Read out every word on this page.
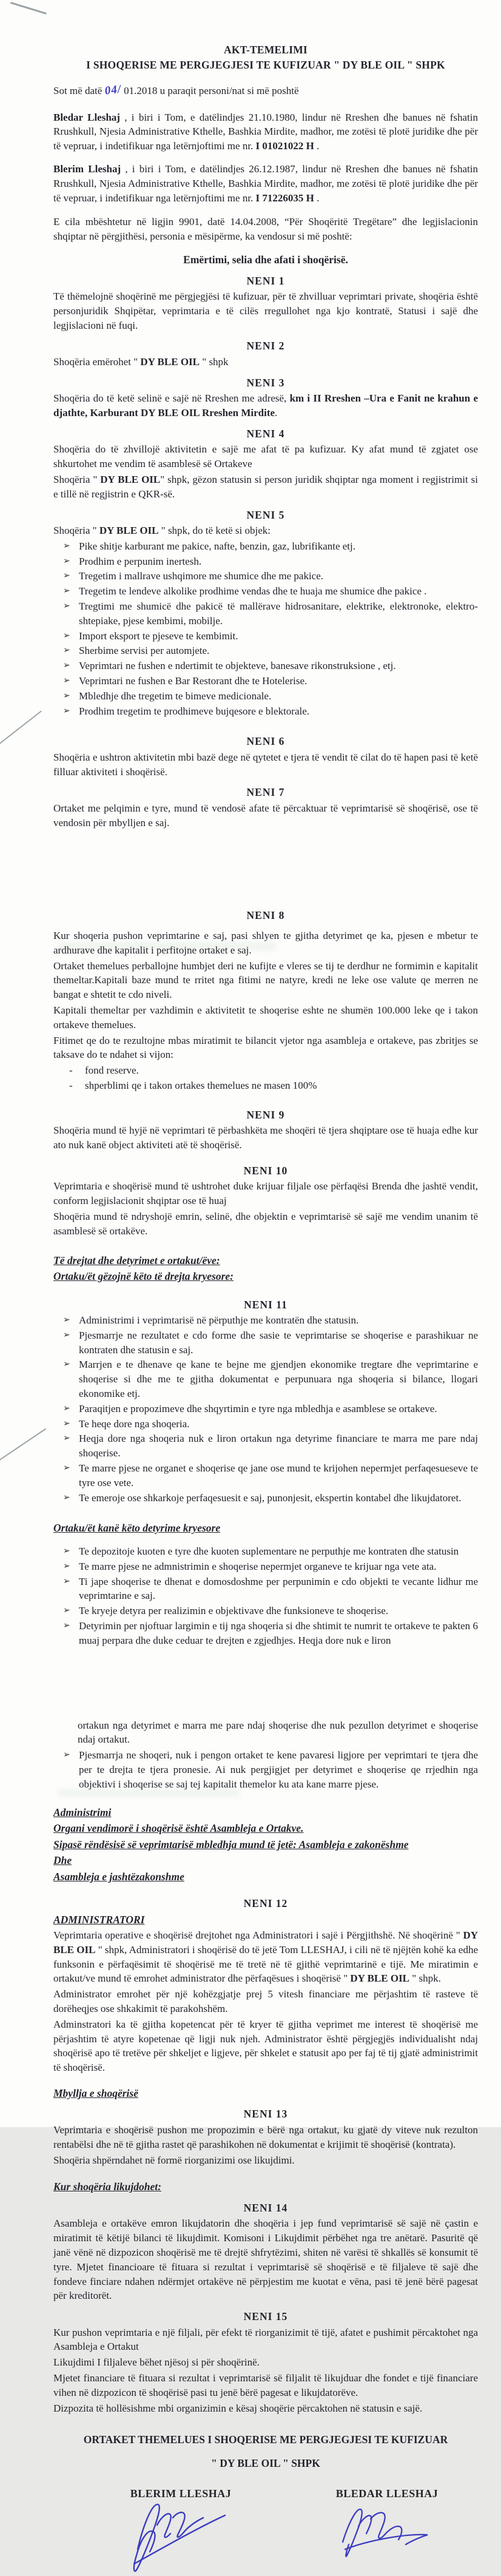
AKT-TEMELIMI
I SHOQERISE ME PERGJEGJESI TE KUFIZUAR " DY BLE OIL " SHPK

Sot më datë 04/ 01.2018 u paraqit personi/nat si më poshtë

Bledar Lleshaj , i biri i Tom, e datëlindjes 21.10.1980, lindur në Rreshen dhe banues në fshatin Rrushkull, Njesia Administrative Kthelle, Bashkia Mirdite, madhor, me zotësi të plotë juridike dhe për të vepruar, i indetifikuar nga letërnjoftimi me nr. I 01021022 H .

Blerim Lleshaj , i biri i Tom, e datëlindjes 26.12.1987, lindur në Rreshen dhe banues në fshatin Rrushkull, Njesia Administrative Kthelle, Bashkia Mirdite, madhor, me zotësi të plotë juridike dhe për të vepruar, i indetifikuar nga letërnjoftimi me nr. I 71226035 H .

E cila mbështetur në ligjin 9901, datë 14.04.2008, “Për Shoqëritë Tregëtare” dhe legjislacionin shqiptar në përgjithësi, personia e mësipërme, ka vendosur si më poshtë:

Emërtimi, selia dhe afati i shoqërisë.
NENI 1

Të thëmelojnë shoqërinë me përgjegjësi të kufizuar, për të zhvilluar veprimtari private, shoqëria është personjuridik Shqipëtar, veprimtaria e të cilës rregullohet nga kjo kontratë, Statusi i sajë dhe legjislacioni në fuqi.

NENI 2

Shoqëria emërohet " DY BLE OIL " shpk

NENI 3

Shoqëria do të ketë selinë e sajë në Rreshen me adresë, km i II Rreshen –Ura e Fanit ne krahun e djathte, Karburant DY BLE OIL Rreshen Mirdite.

NENI 4

Shoqëria do të zhvillojë aktivitetin e sajë me afat të pa kufizuar. Ky afat mund të zgjatet ose shkurtohet me vendim të asamblesë së Ortakeve

Shoqëria " DY BLE OIL" shpk, gëzon statusin si person juridik shqiptar nga moment i regjistrimit si e tillë në regjistrin e QKR-së.

NENI 5

Shoqëria " DY BLE OIL " shpk, do të ketë si objek:

➢ Pike shitje karburant me pakice, nafte, benzin, gaz, lubrifikante etj.
➢ Prodhim e perpunim inertesh.
➢ Tregetim i mallrave ushqimore me shumice dhe me pakice.
➢ Tregetim te lendeve alkolike prodhime vendas dhe te huaja me shumice dhe pakice .
➢ Tregtimi me shumicë dhe pakicë të mallërave hidrosanitare, elektrike, elektronoke, elektro- shtepiake, pjese kembimi, mobilje.
➢ Import eksport te pjeseve te kembimit.
➢ Sherbime servisi per automjete.
➢ Veprimtari ne fushen e ndertimit te objekteve, banesave rikonstruksione , etj.
➢ Veprimtari ne fushen e Bar Restorant dhe te Hotelerise.
➢ Mbledhje dhe tregetim te bimeve medicionale.
➢ Prodhim tregetim te prodhimeve bujqesore e blektorale.
NENI 6

Shoqëria e ushtron aktivitetin mbi bazë dege në qytetet e tjera të vendit të cilat do të hapen pasi të ketë filluar aktiviteti i shoqërisë.

NENI 7

Ortaket me pelqimin e tyre, mund të vendosë afate të përcaktuar të veprimtarisë së shoqërisë, ose të vendosin për mbylljen e saj.

NENI 8

Kur shoqeria pushon veprimtarine e saj, pasi shlyen te gjitha detyrimet qe ka, pjesen e mbetur te ardhurave dhe kapitalit i perfitojne ortaket e saj.

Ortaket themelues perballojne humbjet deri ne kufijte e vleres se tij te derdhur ne formimin e kapitalit themeltar.Kapitali baze mund te rritet nga fitimi ne natyre, kredi ne leke ose valute qe merren ne bangat e shtetit te cdo niveli.

Kapitali themeltar per vazhdimin e aktivitetit te shoqerise eshte ne shumën 100.000 leke qe i takon ortakeve themelues.

Fitimet qe do te rezultojne mbas miratimit te bilancit vjetor nga asambleja e ortakeve, pas zbritjes se taksave do te ndahet si vijon:

- fond reserve.
- shperblimi qe i takon ortakes themelues ne masen 100%
NENI 9

Shoqëria mund të hyjë në veprimtari të përbashkëta me shoqëri të tjera shqiptare ose të huaja edhe kur ato nuk kanë object aktiviteti atë të shoqërisë.

NENI 10

Veprimtaria e shoqërisë mund të ushtrohet duke krijuar filjale ose përfaqësi Brenda dhe jashtë vendit, conform legjislacionit shqiptar ose të huaj

Shoqëria mund të ndryshojë emrin, selinë, dhe objektin e veprimtarisë së sajë me vendim unanim të asamblesë së ortakëve.

Të drejtat dhe detyrimet e ortakut/ëve:
Ortaku/ët gëzojnë këto të drejta kryesore:
NENI 11
➢ Administrimi i veprimtarisë në përputhje me kontratën dhe statusin.
➢ Pjesmarrje ne rezultatet e cdo forme dhe sasie te veprimtarise se shoqerise e parashikuar ne kontraten dhe statusin e saj.
➢ Marrjen e te dhenave qe kane te bejne me gjendjen ekonomike tregtare dhe veprimtarine e shoqerise si dhe me te gjitha dokumentat e perpunuara nga shoqeria si bilance, llogari ekonomike etj.
➢ Paraqitjen e propozimeve dhe shqyrtimin e tyre nga mbledhja e asamblese se ortakeve.
➢ Te heqe dore nga shoqeria.
➢ Heqja dore nga shoqeria nuk e liron ortakun nga detyrime financiare te marra me pare ndaj shoqerise.
➢ Te marre pjese ne organet e shoqerise qe jane ose mund te krijohen nepermjet perfaqesueseve te tyre ose vete.
➢ Te emeroje ose shkarkoje perfaqesuesit e saj, punonjesit, ekspertin kontabel dhe likujdatoret.
Ortaku/ët kanë këto detyrime kryesore
➢ Te depozitoje kuoten e tyre dhe kuoten suplementare ne perputhje me kontraten dhe statusin
➢ Te marre pjese ne admnistrimin e shoqerise nepermjet organeve te krijuar nga vete ata.
➢ Ti jape shoqerise te dhenat e domosdoshme per perpunimin e cdo objekti te vecante lidhur me veprimtarine e saj.
➢ Te kryeje detyra per realizimin e objektivave dhe funksioneve te shoqerise.
➢ Detyrimin per njoftuar largimin e tij nga shoqeria si dhe shtimit te numrit te ortakeve te pakten 6 muaj perpara dhe duke ceduar te drejten e zgjedhjes. Heqja dore nuk e liron

ortakun nga detyrimet e marra me pare ndaj shoqerise dhe nuk pezullon detyrimet e shoqerise ndaj ortakut.

➢ Pjesmarrja ne shoqeri, nuk i pengon ortaket te kene pavaresi ligjore per veprimtari te tjera dhe per te drejta te tjera pronesie. Ai nuk pergjigjet per detyrimet e shoqerise qe rrjedhin nga objektivi i shoqerise se saj tej kapitalit themelor ku ata kane marre pjese.
Administrimi
Organi vendimorë i shoqërisë është Asambleja e Ortakve.
Sipasë rëndësisë së veprimtarisë mbledhja mund të jetë: Asambleja e zakonëshme
Dhe
Asambleja e jashtëzakonshme
NENI 12
ADMINISTRATORI

Veprimtaria operative e shoqërisë drejtohet nga Administratori i sajë i Përgjithshë. Në shoqërinë " DY BLE OIL " shpk, Administratori i shoqërisë do të jetë Tom LLESHAJ, i cili në të njëjtën kohë ka edhe funksonin e përfaqësimit të shoqërisë me të tretë në të gjithë veprimtarinë e tijë. Me miratimin e ortakut/ve mund të emrohet administrator dhe përfaqësues i shoqërisë " DY BLE OIL " shpk.

Administrator emrohet për një kohëzgjatje prej 5 vitesh financiare me përjashtim të rasteve të dorëheqjes ose shkakimit të parakohshëm.

Adminstratori ka të gjitha kopetencat për të kryer të gjitha veprimet me interest të shoqërisë me përjashtim të atyre kopetenae që ligji nuk njeh. Administrator është përgjegjës individualisht ndaj shoqërisë apo të tretëve për shkeljet e ligjeve, për shkelet e statusit apo per faj të tij gjatë administrimit të shoqërisë.

Mbyllja e shoqërisë
NENI 13

Veprimtaria e shoqërisë pushon me propozimin e bërë nga ortakut, ku gjatë dy viteve nuk rezulton rentabëlsi dhe në të gjitha rastet që parashikohen në dokumentat e krijimit të shoqërisë (kontrata).

Shoqëria shpërndahet në formë riorganizimi ose likujdimi.

Kur shoqëria likujdohet:
NENI 14

Asambleja e ortakëve emron likujdatorin dhe shoqëria i jep fund veprimtarisë së sajë në çastin e miratimit të këtijë bilanci të likujdimit. Komisoni i Likujdimit përbëhet nga tre anëtarë. Pasuritë që janë vënë në dizpozicon shoqërisë me të drejtë shfrytëzimi, shiten në varësi të shkallës së konsumit të tyre. Mjetet financioare të fituara si rezultat i veprimtarisë së shoqërisë e të filjaleve të sajë dhe fondeve finciare ndahen ndërmjet ortakëve në përpjestim me kuotat e vëna, pasi të jenë bërë pagesat për kreditorët.

NENI 15

Kur pushon veprimtaria e një filjali, për efekt të riorganizimit të tijë, afatet e pushimit përcaktohet nga Asambleja e Ortakut

Likujdimi I filjaleve bëhet njësoj si për shoqërinë.

Mjetet financiare të fituara si rezultat i veprimtarisë së filjalit të likujduar dhe fondet e tijë financiare vihen në dizpozicon të shoqërisë pasi tu jenë bërë pagesat e likujdatorëve.

Dizpozita të hollësishme mbi organizimin e kësaj shoqërie përcaktohen në statusin e sajë.

ORTAKET THEMELUES I SHOQERISE ME PERGJEGJESI TE KUFIZUAR
" DY BLE OIL " SHPK
BLERIM LLESHAJ	BLEDAR LLESHAJ
